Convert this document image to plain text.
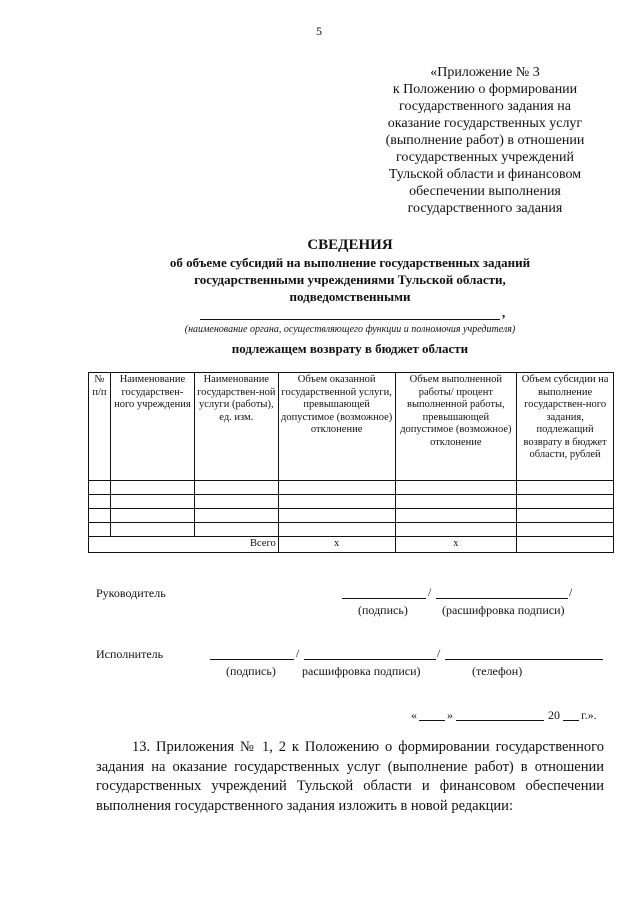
5
«Приложение № 3
к Положению о формировании
государственного задания на
оказание государственных услуг
(выполнение работ) в отношении
государственных учреждений
Тульской области и финансовом
обеспечении выполнения
государственного задания
СВЕДЕНИЯ
об объеме субсидий на выполнение государственных заданий
государственными учреждениями Тульской области,
подведомственными
,
(наименование органа, осуществляющего функции и полномочия учредителя)
подлежащем возврату в бюджет области
№ п/п	Наименование государствен-ного учреждения	Наименование государствен-ной услуги (работы), ед. изм.	Объем оказанной государственной услуги, превышающей допустимое (возможное) отклонение	Объем выполненной работы/ процент выполненной работы, превышающей допустимое (возможное) отклонение	Объем субсидии на выполнение государствен-ного задания, подлежащий возврату в бюджет области, рублей

Всего			x	x	
Руководитель	/	/
(подпись)	(расшифровка подписи)
Исполнитель	/	/
(подпись) расшифровка подписи)	(телефон)
«	»	20 г.».
13. Приложения № 1, 2 к Положению о формировании государственного задания на оказание государственных услуг (выполнение работ) в отношении государственных учреждений Тульской области и финансовом обеспечении выполнения государственного задания изложить в новой редакции:
